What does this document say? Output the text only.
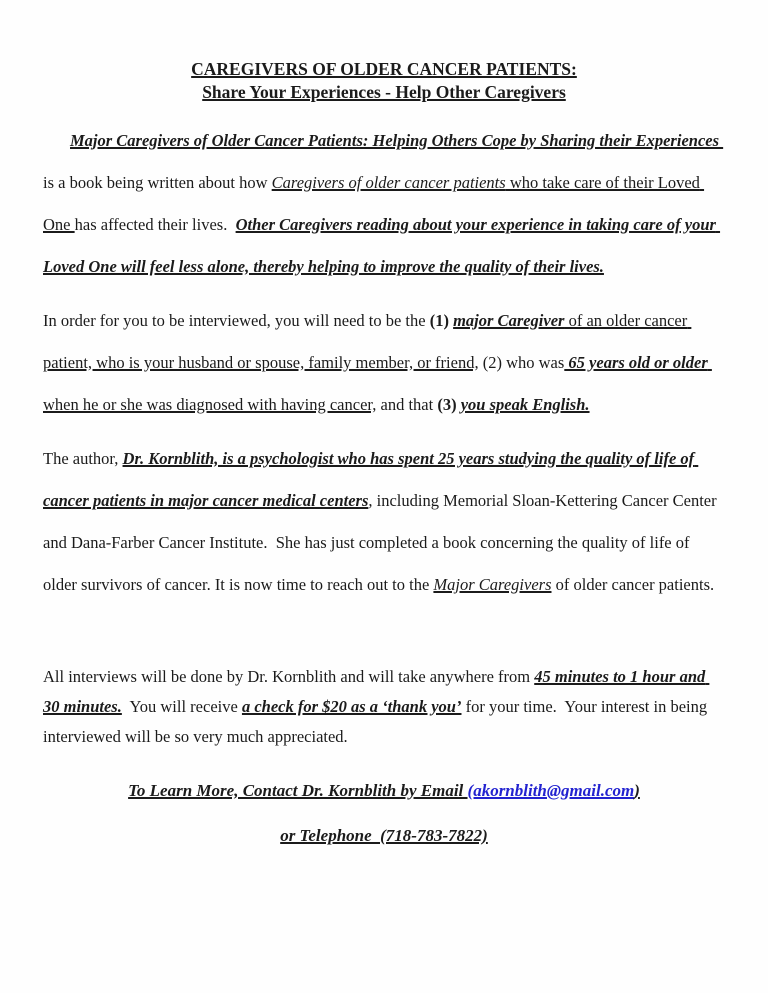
CAREGIVERS OF OLDER CANCER PATIENTS:
Share Your Experiences - Help Other Caregivers

Major Caregivers of Older Cancer Patients: Helping Others Cope by Sharing their Experiences is a book being written about how Caregivers of older cancer patients who take care of their Loved One has affected their lives.  Other Caregivers reading about your experience in taking care of your Loved One will feel less alone, thereby helping to improve the quality of their lives.

In order for you to be interviewed, you will need to be the (1) major Caregiver of an older cancer patient, who is your husband or spouse, family member, or friend, (2) who was 65 years old or older when he or she was diagnosed with having cancer, and that (3) you speak English.

The author, Dr. Kornblith, is a psychologist who has spent 25 years studying the quality of life of cancer patients in major cancer medical centers, including Memorial Sloan-Kettering Cancer Center and Dana-Farber Cancer Institute.  She has just completed a book concerning the quality of life of older survivors of cancer. It is now time to reach out to the Major Caregivers of older cancer patients.

All interviews will be done by Dr. Kornblith and will take anywhere from 45 minutes to 1 hour and 30 minutes.  You will receive a check for $20 as a ‘thank you’ for your time.  Your interest in being interviewed will be so very much appreciated.

To Learn More, Contact Dr. Kornblith by Email (akornblith@gmail.com)

or Telephone  (718-783-7822)
